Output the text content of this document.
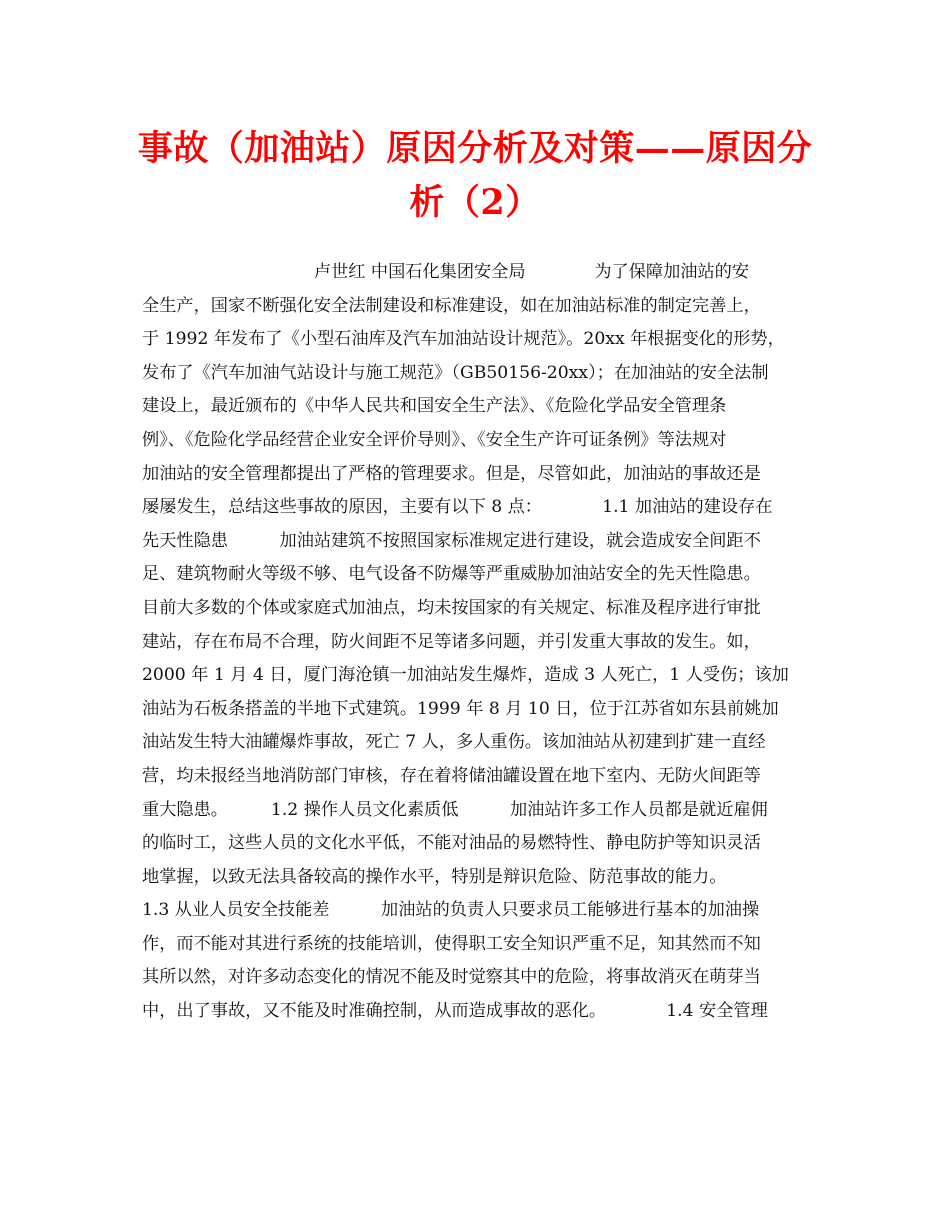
事故（加油站）原因分析及对策——原因分
析（2）
　　　　　　　　　　卢世红 中国石化集团安全局　　　　为了保障加油站的安
全生产，国家不断强化安全法制建设和标准建设，如在加油站标准的制定完善上，
于 1992 年发布了《小型石油库及汽车加油站设计规范》。20xx 年根据变化的形势，
发布了《汽车加油气站设计与施工规范》（GB50156-20xx）；在加油站的安全法制
建设上，最近颁布的《中华人民共和国安全生产法》、《危险化学品安全管理条
例》、《危险化学品经营企业安全评价导则》、《安全生产许可证条例》等法规对
加油站的安全管理都提出了严格的管理要求。但是，尽管如此，加油站的事故还是
屡屡发生，总结这些事故的原因，主要有以下 8 点：　　　　1.1 加油站的建设存在
先天性隐患　　　加油站建筑不按照国家标准规定进行建设，就会造成安全间距不
足、建筑物耐火等级不够、电气设备不防爆等严重威胁加油站安全的先天性隐患。
目前大多数的个体或家庭式加油点，均未按国家的有关规定、标准及程序进行审批
建站，存在布局不合理，防火间距不足等诸多问题，并引发重大事故的发生。如，
2000 年 1 月 4 日，厦门海沧镇一加油站发生爆炸，造成 3 人死亡，1 人受伤；该加
油站为石板条搭盖的半地下式建筑。1999 年 8 月 10 日，位于江苏省如东县前姚加
油站发生特大油罐爆炸事故，死亡 7 人，多人重伤。该加油站从初建到扩建一直经
营，均未报经当地消防部门审核，存在着将储油罐设置在地下室内、无防火间距等
重大隐患。　　　1.2 操作人员文化素质低　　　加油站许多工作人员都是就近雇佣
的临时工，这些人员的文化水平低，不能对油品的易燃特性、静电防护等知识灵活
地掌握，以致无法具备较高的操作水平，特别是辩识危险、防范事故的能力。
1.3 从业人员安全技能差　　　加油站的负责人只要求员工能够进行基本的加油操
作，而不能对其进行系统的技能培训，使得职工安全知识严重不足，知其然而不知
其所以然，对许多动态变化的情况不能及时觉察其中的危险，将事故消灭在萌芽当
中，出了事故，又不能及时准确控制，从而造成事故的恶化。　　　　1.4 安全管理
